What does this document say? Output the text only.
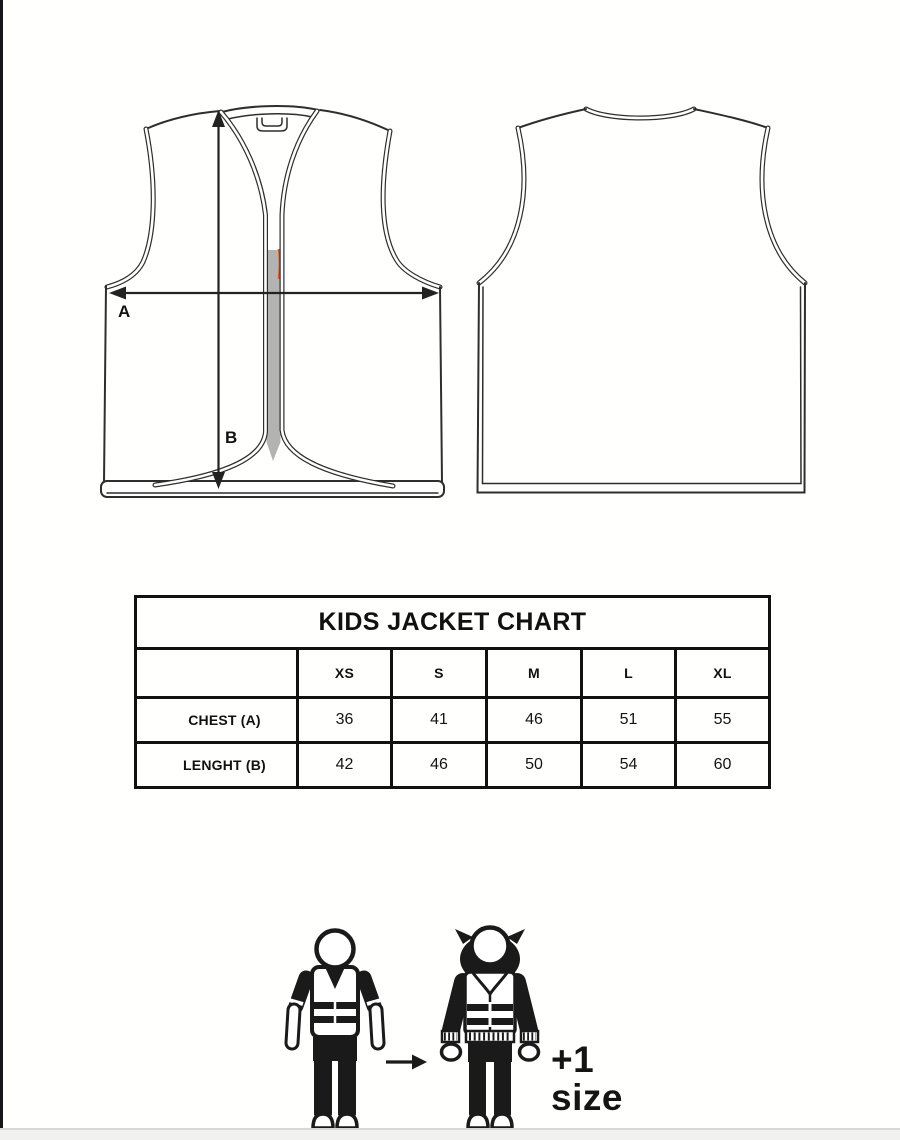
A
B
KIDS JACKET CHART					
	XS	S	M	L	XL
CHEST (A)	36	41	46	51	55
LENGHT (B)	42	46	50	54	60
+1
size
